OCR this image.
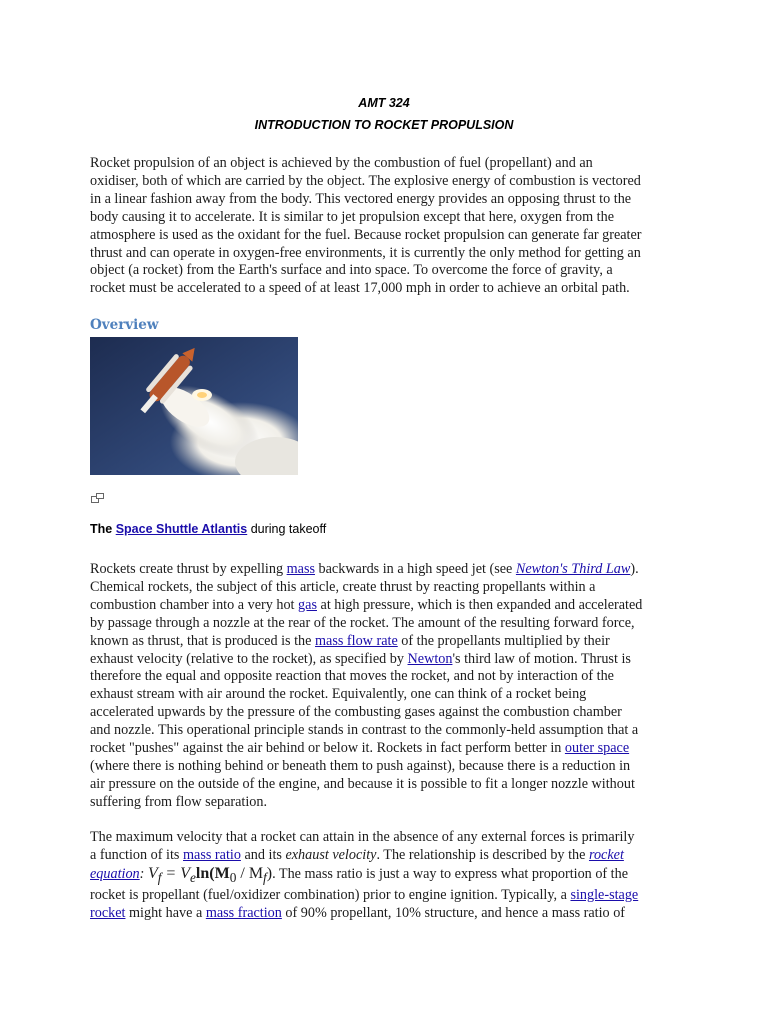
AMT 324
INTRODUCTION TO ROCKET PROPULSION

Rocket propulsion of an object is achieved by the combustion of fuel (propellant) and an
oxidiser, both of which are carried by the object. The explosive energy of combustion is vectored
in a linear fashion away from the body. This vectored energy provides an opposing thrust to the
body causing it to accelerate. It is similar to jet propulsion except that here, oxygen from the
atmosphere is used as the oxidant for the fuel. Because rocket propulsion can generate far greater
thrust and can operate in oxygen-free environments, it is currently the only method for getting an
object (a rocket) from the Earth's surface and into space. To overcome the force of gravity, a
rocket must be accelerated to a speed of at least 17,000 mph in order to achieve an orbital path.

Overview
The Space Shuttle Atlantis during takeoff

Rockets create thrust by expelling mass backwards in a high speed jet (see Newton's Third Law).
Chemical rockets, the subject of this article, create thrust by reacting propellants within a
combustion chamber into a very hot gas at high pressure, which is then expanded and accelerated
by passage through a nozzle at the rear of the rocket. The amount of the resulting forward force,
known as thrust, that is produced is the mass flow rate of the propellants multiplied by their
exhaust velocity (relative to the rocket), as specified by Newton's third law of motion. Thrust is
therefore the equal and opposite reaction that moves the rocket, and not by interaction of the
exhaust stream with air around the rocket. Equivalently, one can think of a rocket being
accelerated upwards by the pressure of the combusting gases against the combustion chamber
and nozzle. This operational principle stands in contrast to the commonly-held assumption that a
rocket "pushes" against the air behind or below it. Rockets in fact perform better in outer space
(where there is nothing behind or beneath them to push against), because there is a reduction in
air pressure on the outside of the engine, and because it is possible to fit a longer nozzle without
suffering from flow separation.

The maximum velocity that a rocket can attain in the absence of any external forces is primarily
a function of its mass ratio and its exhaust velocity. The relationship is described by the rocket
equation: $V_f = V_e\ln(M_0 / M_f)$. The mass ratio is just a way to express what proportion of the
rocket is propellant (fuel/oxidizer combination) prior to engine ignition. Typically, a single-stage
rocket might have a mass fraction of 90% propellant, 10% structure, and hence a mass ratio of
